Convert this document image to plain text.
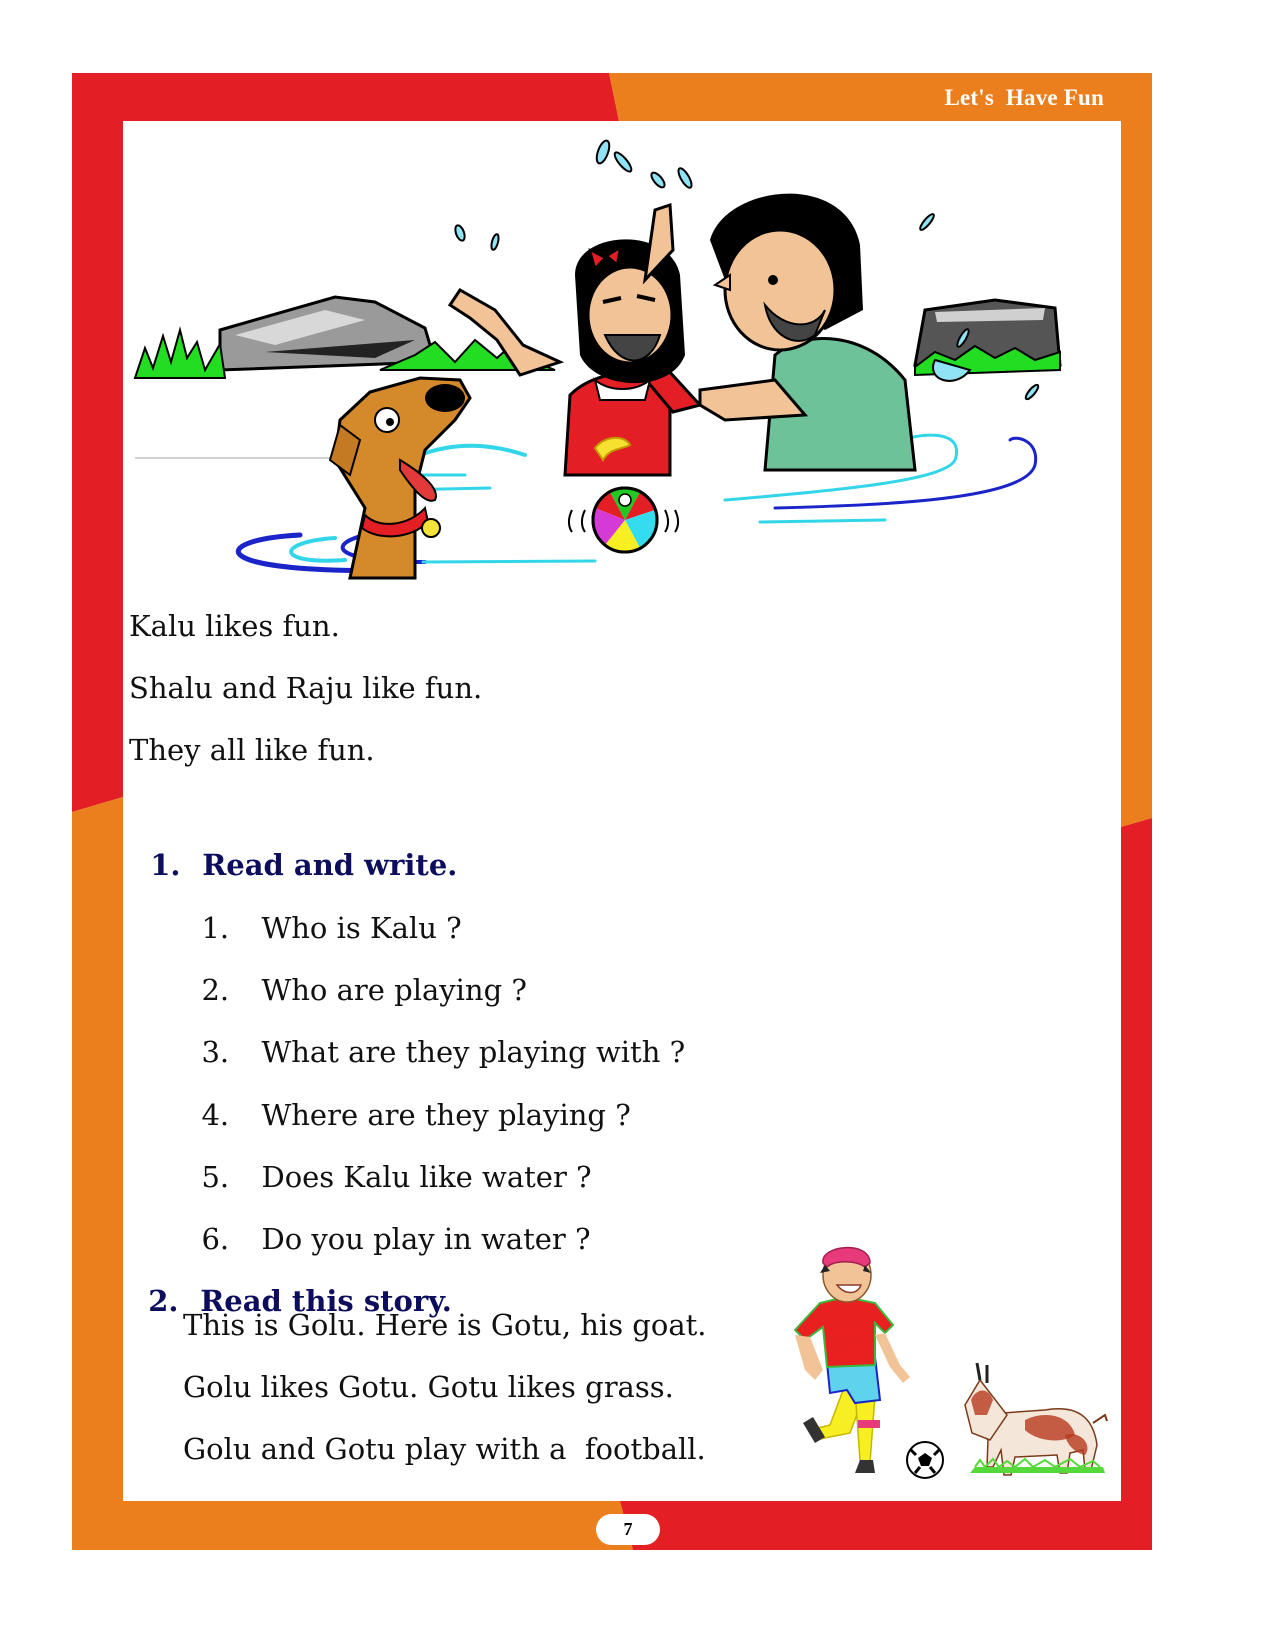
Let's  Have Fun
Kalu likes fun.
Shalu and Raju like fun.
They all like fun.

1. Read and write.

1. Who is Kalu ?

2. Who are playing ?

3. What are they playing with ?

4. Where are they playing ?

5. Does Kalu like water ?

6. Do you play in water ?

2. Read this story.

This is Golu. Here is Gotu, his goat.
Golu likes Gotu. Gotu likes grass.
Golu and Gotu play with a  football.
7
